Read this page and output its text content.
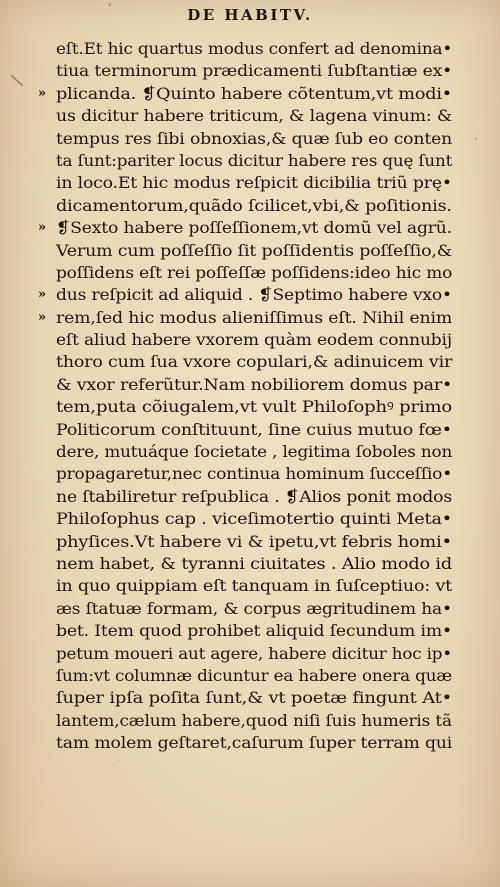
ᵛ	DE HABITV.
/
·
eſt.Et hic quartus modus confert ad denomina•
tiua terminorum prædicamenti ſubſtantiæ ex•
» plicanda. ❡Quinto habere cõtentum,vt modi•
us dicitur habere triticum, & lagena vinum: &
tempus res ſibi obnoxias,& quæ ſub eo conten
ta ſunt:pariter locus dicitur habere res quę ſunt
in loco.Et hic modus reſpicit dicibilia triũ prę•
dicamentorum,quãdo ſcilicet,vbi,& poſitionis.
» ❡Sexto habere poſſeſſionem,vt domũ vel agrũ.
Verum cum poſſeſſio ſit poſſidentis poſſeſſio,&
poſſidens eſt rei poſſeſſæ poſſidens:ideo hic mo
» dus reſpicit ad aliquid . ❡Septimo habere vxo•
» rem,ſed hic modus alieniſſimus eſt. Nihil enim
eſt aliud habere vxorem quàm eodem connubij
thoro cum ſua vxore copulari,& adinuicem vir
& vxor referũtur.Nam nobiliorem domus par•
tem,puta cõiugalem,vt vult Philoſophꝰ primo
Politicorum conſtituunt, ſine cuius mutuo fœ•
dere, mutuáque ſocietate , legitima ſoboles non
propagaretur,nec continua hominum ſucceſſio•
ne ſtabiliretur reſpublica . ❡Alios ponit modos
Philoſophus cap . viceſimotertio quinti Meta•
phyſices.Vt habere vi & ipetu,vt febris homi•
nem habet, & tyranni ciuitates . Alio modo id
in quo quippiam eſt tanquam in ſuſceptiuo: vt
æs ſtatuæ formam, & corpus ægritudinem ha•
bet. Item quod prohibet aliquid ſecundum im•
petum moueri aut agere, habere dicitur hoc ip•
ſum:vt columnæ dicuntur ea habere onera quæ
ſuper ipſa poſita ſunt,& vt poetæ fingunt At•
lantem,cælum habere,quod niſi ſuis humeris tã
tam molem geſtaret,caſurum ſuper terram qui
· · · ·
